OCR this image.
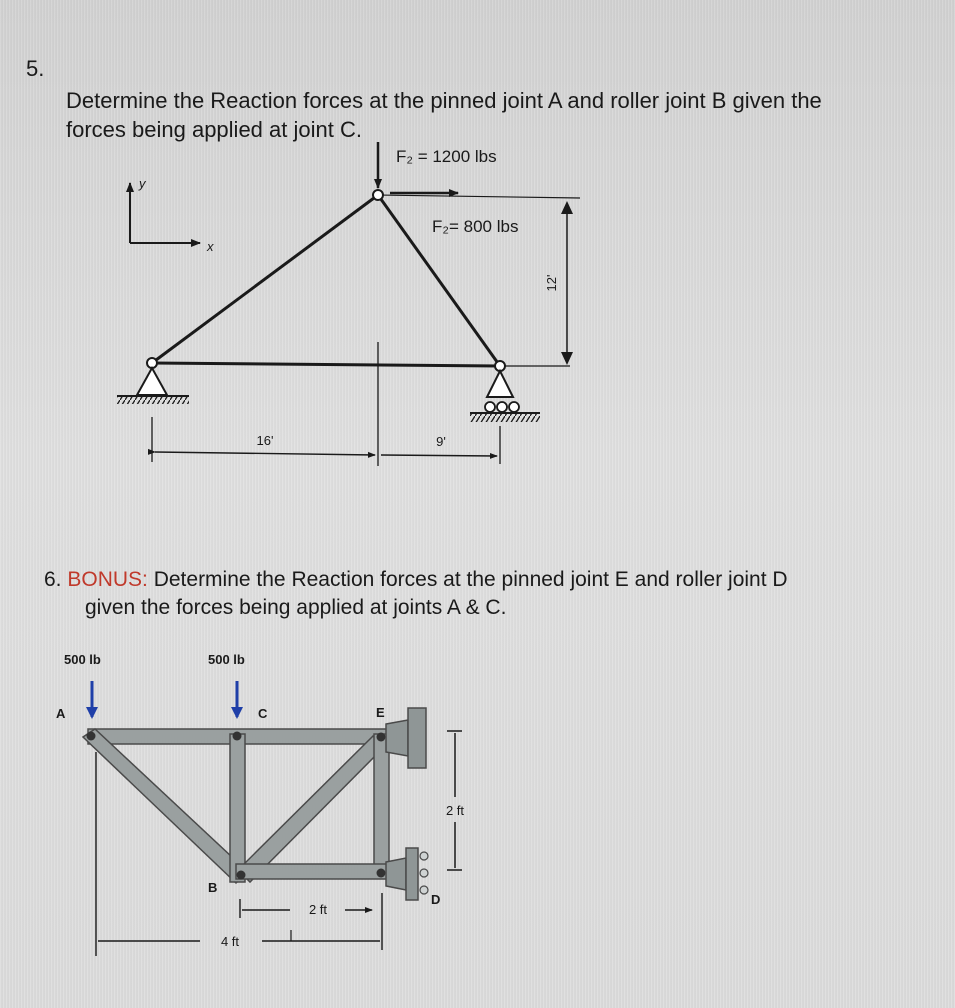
5.

Determine the Reaction forces at the pinned joint A and roller joint B given the
forces being applied at joint C.
6. BONUS: Determine the Reaction forces at the pinned joint E and roller joint D
given the forces being applied at joints A & C.
y
x
F₂ = 1200 lbs
F₂= 800 lbs
12'
16'	9'
500 lb	500 lb
A	C	E
B
D
2 ft
2 ft
4 ft
